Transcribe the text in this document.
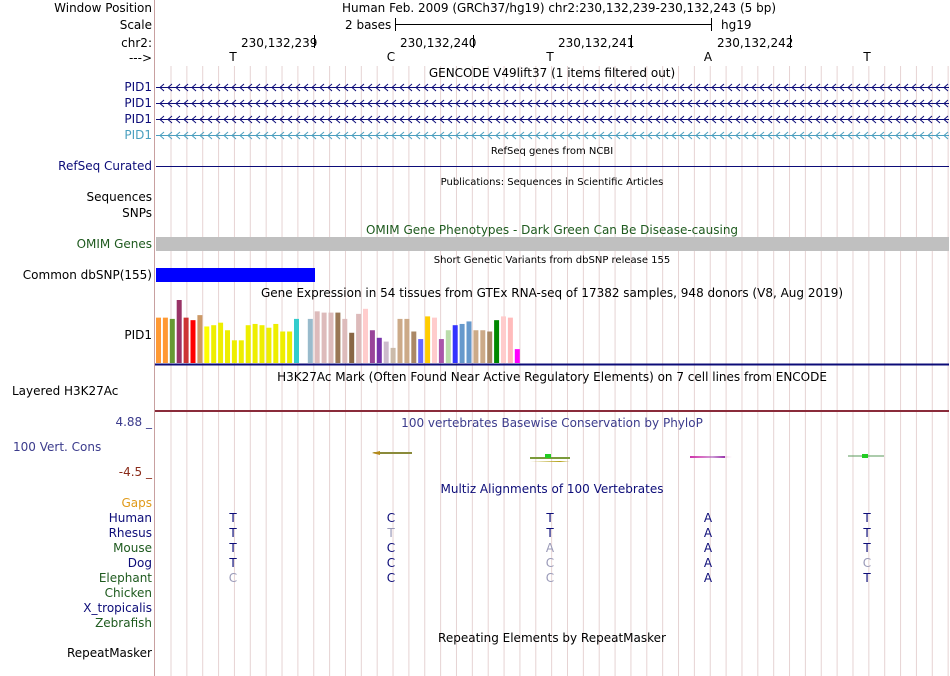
Window Position	Human Feb. 2009 (GRCh37/hg19) chr2:230,132,239-230,132,243 (5 bp)
Scale	2 bases	hg19
chr2:
--->
230,132,239	230,132,240	230,132,241	230,132,242
T	C	T	A	T
GENCODE V49lift37 (1 items filtered out)
PID1
PID1
PID1
PID1
RefSeq genes from NCBI
RefSeq Curated
Publications: Sequences in Scientific Articles
Sequences
SNPs
OMIM Gene Phenotypes - Dark Green Can Be Disease-causing
OMIM Genes
Short Genetic Variants from dbSNP release 155
Common dbSNP(155)
Gene Expression in 54 tissues from GTEx RNA-seq of 17382 samples, 948 donors (V8, Aug 2019)
PID1
H3K27Ac Mark (Often Found Near Active Regulatory Elements) on 7 cell lines from ENCODE
Layered H3K27Ac
100 vertebrates Basewise Conservation by PhyloP
4.88 _
100 Vert. Cons
-4.5 _
Multiz Alignments of 100 Vertebrates
Gaps
Human	T	C	T	A	T
Rhesus	T	T	T	A	T
Mouse	T	C	A	A	T
Dog	T	C	C	A	C
Elephant	C	C	C	A	T
Chicken
X_tropicalis
Zebrafish
Repeating Elements by RepeatMasker
RepeatMasker
